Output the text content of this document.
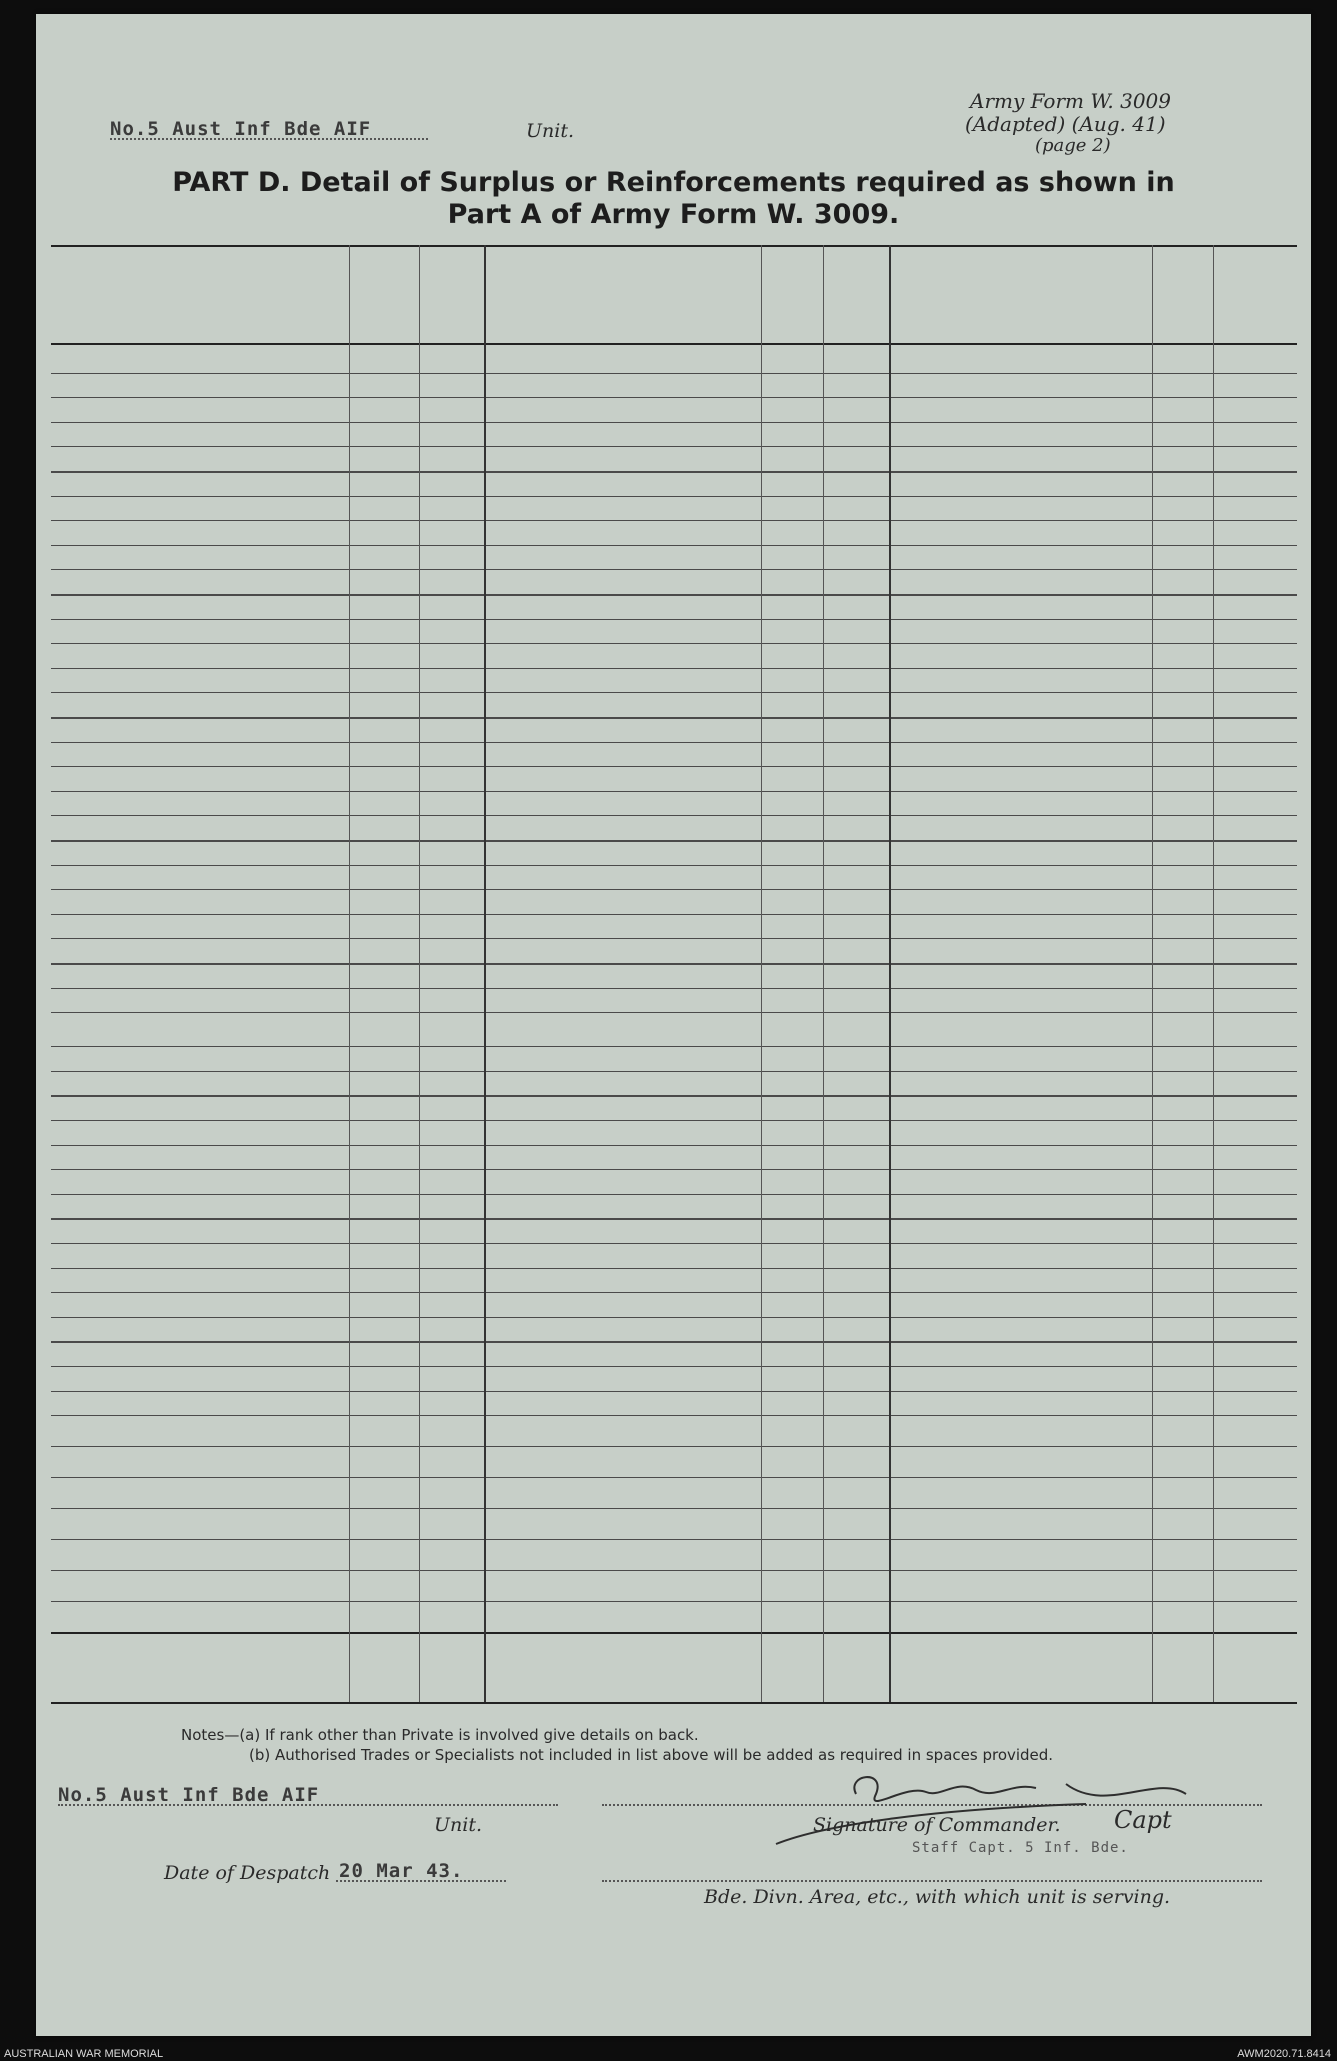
No.5 Aust Inf Bde AIF	Unit.
Army Form W. 3009
(Adapted) (Aug. 41)
(page 2)
PART D. Detail of Surplus or Reinforcements required as shown in
Part A of Army Form W. 3009.
Notes—(a) If rank other than Private is involved give details on back.
(b) Authorised Trades or Specialists not included in list above will be added as required in spaces provided.
No.5 Aust Inf Bde AIF
Unit.	Signature of Commander.
Staff Capt. 5 Inf. Bde.
Capt
Date of Despatch 20 Mar 43.
Bde. Divn. Area, etc., with which unit is serving.
AUSTRALIAN WAR MEMORIAL	AWM2020.71.8414
